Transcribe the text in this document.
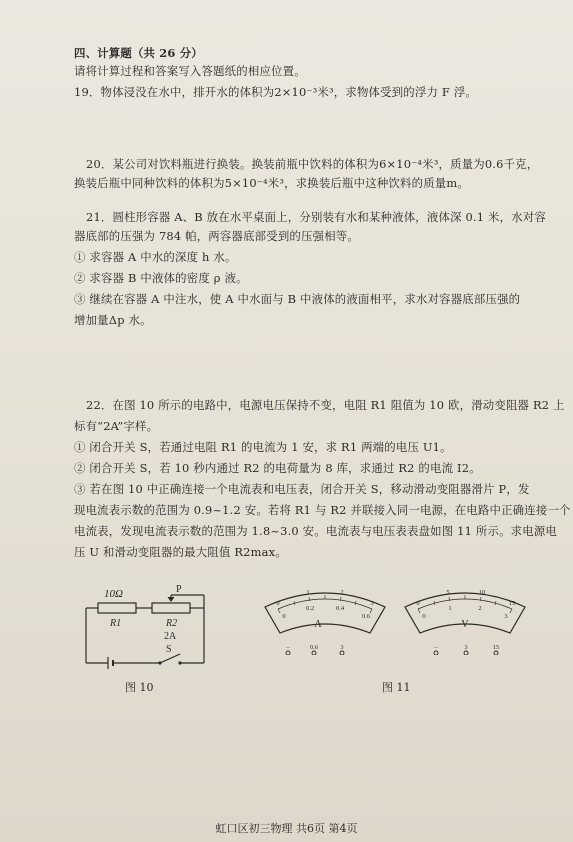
四、计算题（共 26 分）
请将计算过程和答案写入答题纸的相应位置。
19．物体浸没在水中，排开水的体积为2×10⁻³米³，求物体受到的浮力 F 浮。
20．某公司对饮料瓶进行换装。换装前瓶中饮料的体积为6×10⁻⁴米³，质量为0.6千克，
换装后瓶中同种饮料的体积为5×10⁻⁴米³，求换装后瓶中这种饮料的质量m。
21．圆柱形容器 A、B 放在水平桌面上，分别装有水和某种液体，液体深 0.1 米，水对容
器底部的压强为 784 帕，两容器底部受到的压强相等。
① 求容器 A 中水的深度 h 水。
② 求容器 B 中液体的密度 ρ 液。
③ 继续在容器 A 中注水，使 A 中水面与 B 中液体的液面相平，求水对容器底部压强的
增加量Δp 水。
22．在图 10 所示的电路中，电源电压保持不变，电阻 R1 阻值为 10 欧，滑动变阻器 R2 上
标有“2A”字样。
① 闭合开关 S，若通过电阻 R1 的电流为 1 安，求 R1 两端的电压 U1。
② 闭合开关 S，若 10 秒内通过 R2 的电荷量为 8 库，求通过 R2 的电流 I2。
③ 若在图 10 中正确连接一个电流表和电压表，闭合开关 S，移动滑动变阻器滑片 P，发
现电流表示数的范围为 0.9~1.2 安。若将 R1 与 R2 并联接入同一电源，在电路中正确连接一个
电流表，发现电流表示数的范围为 1.8~3.0 安。电流表与电压表表盘如图 11 所示。求电源电
压 U 和滑动变阻器的最大阻值 R2max。
10Ω
R1	R2
2A
P
S
图 10
0
1	2
3
0
0.2	0.4
0.6
A
–	0.6	3
0
5	10
15
0
1	2
3
V
–	3	15
图 11
虹口区初三物理 共6页 第4页
